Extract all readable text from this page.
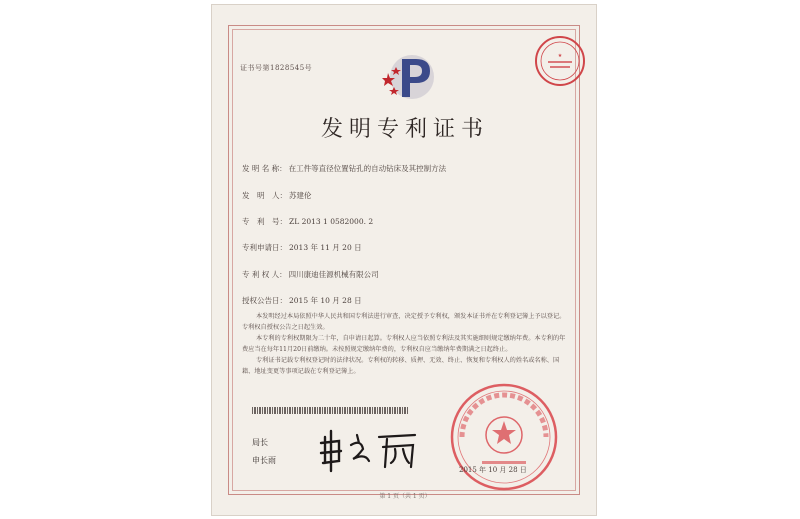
证书号第1828545号
★
发明专利证书
发 明 名 称： 在工件等直径位置钻孔的自动钻床及其控制方法
发　明　人： 苏建伦
专　利　号： ZL 2013 1 0582000. 2
专利申请日： 2013 年 11 月 20 日
专 利 权 人： 四川康迪佳源机械有限公司
授权公告日： 2015 年 10 月 28 日

本发明经过本局依照中华人民共和国专利法进行审查，决定授予专利权，颁发本证书并在专利登记簿上予以登记。专利权自授权公告之日起生效。

本专利的专利权期限为二十年，自申请日起算。专利权人应当依照专利法及其实施细则规定缴纳年费。本专利的年费应当在每年11月20日前缴纳。未按照规定缴纳年费的，专利权自应当缴纳年费期满之日起终止。

专利证书记载专利权登记时的法律状况。专利权的转移、质押、无效、终止、恢复和专利权人的姓名或名称、国籍、地址变更等事项记载在专利登记簿上。

局长
申长雨
2015 年 10 月 28 日
第 1 页（共 1 页）
